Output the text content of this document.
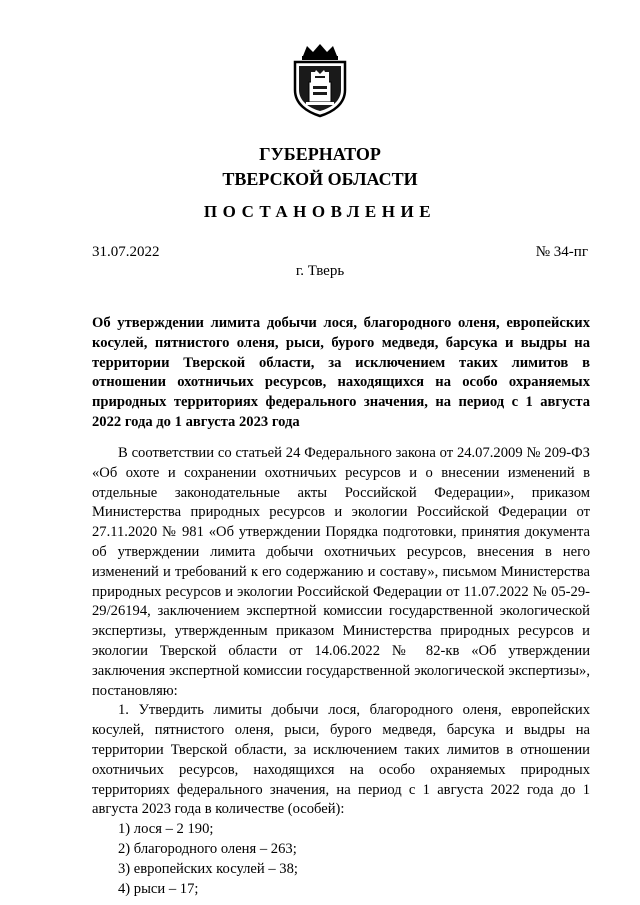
ГУБЕРНАТОР
ТВЕРСКОЙ ОБЛАСТИ
ПОСТАНОВЛЕНИЕ
31.07.2022	№ 34-пг
г. Тверь
Об утверждении лимита добычи лося, благородного оленя, европейских косулей, пятнистого оленя, рыси, бурого медведя, барсука и выдры на территории Тверской области, за исключением таких лимитов в отношении охотничьих ресурсов, находящихся на особо охраняемых природных территориях федерального значения, на период с 1 августа 2022 года до 1 августа 2023 года

В соответствии со статьей 24 Федерального закона от 24.07.2009 № 209-ФЗ «Об охоте и сохранении охотничьих ресурсов и о внесении изменений в отдельные законодательные акты Российской Федерации», приказом Министерства природных ресурсов и экологии Российской Федерации от 27.11.2020 № 981 «Об утверждении Порядка подготовки, принятия документа об утверждении лимита добычи охотничьих ресурсов, внесения в него изменений и требований к его содержанию и составу», письмом Министерства природных ресурсов и экологии Российской Федерации от 11.07.2022 № 05-29-29/26194, заключением экспертной комиссии государственной экологической экспертизы, утвержденным приказом Министерства природных ресурсов и экологии Тверской области от 14.06.2022 № 82-кв «Об утверждении заключения экспертной комиссии государственной экологической экспертизы», постановляю:

1. Утвердить лимиты добычи лося, благородного оленя, европейских косулей, пятнистого оленя, рыси, бурого медведя, барсука и выдры на территории Тверской области, за исключением таких лимитов в отношении охотничьих ресурсов, находящихся на особо охраняемых природных территориях федерального значения, на период с 1 августа 2022 года до 1 августа 2023 года в количестве (особей):

1) лося – 2 190;

2) благородного оленя – 263;

3) европейских косулей – 38;

4) рыси – 17;
